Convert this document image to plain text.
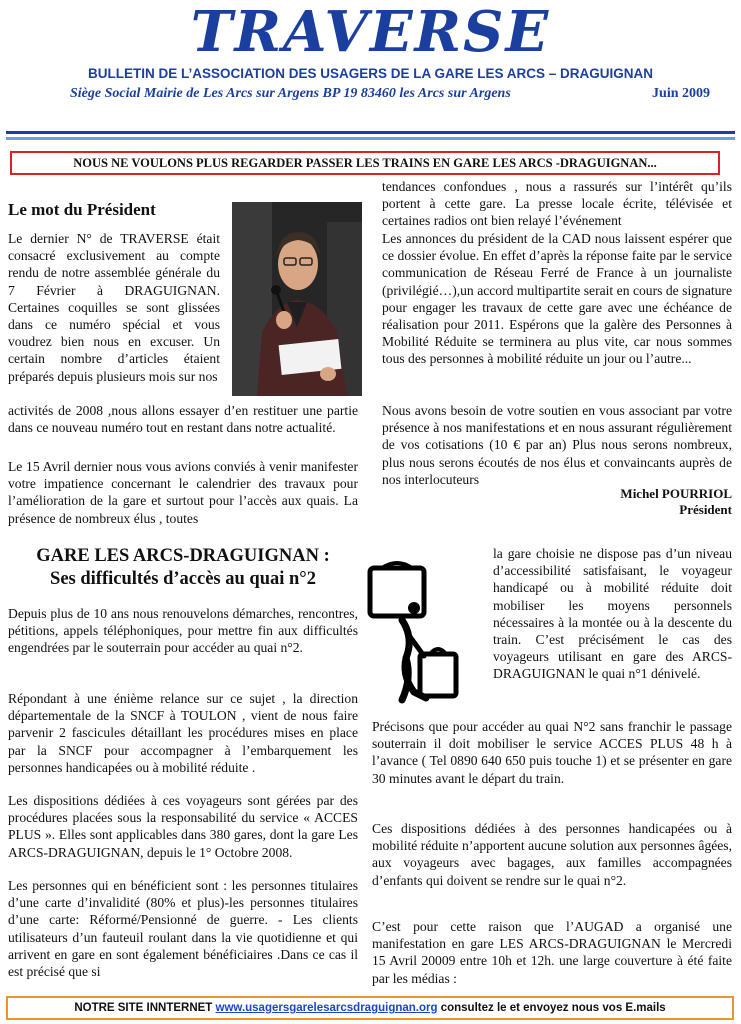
TRAVERSE
BULLETIN DE L’ASSOCIATION DES USAGERS DE LA GARE LES ARCS – DRAGUIGNAN
Siège Social Mairie de Les Arcs sur Argens BP 19 83460 les Arcs sur Argens	Juin 2009
NOUS NE VOULONS PLUS REGARDER PASSER LES TRAINS EN GARE LES ARCS -DRAGUIGNAN...
Le mot du Président
Le dernier N° de TRAVERSE était consacré exclusivement au compte rendu de notre assemblée générale du 7 Février à DRAGUIGNAN. Certaines coquilles se sont glissées dans ce numéro spécial et vous voudrez bien nous en excuser. Un certain nombre d’articles étaient préparés depuis plusieurs mois sur nos
activités de 2008 ,nous allons essayer d’en restituer une partie dans ce nouveau numéro tout en restant dans notre actualité.
Le 15 Avril dernier nous vous avions conviés à venir manifester votre impatience concernant le calendrier des travaux pour l’amélioration de la gare et surtout pour l’accès aux quais. La présence de nombreux élus , toutes
tendances confondues , nous a rassurés sur l’intérêt qu’ils portent à cette gare. La presse locale écrite, télévisée et certaines radios ont bien relayé l’événement
Les annonces du président de la CAD nous laissent espérer que ce dossier évolue. En effet d’après la réponse faite par le service communication de Réseau Ferré de France à un journaliste (privilégié…),un accord multipartite serait en cours de signature pour engager les travaux de cette gare avec une échéance de réalisation pour 2011. Espérons que la galère des Personnes à Mobilité Réduite se terminera au plus vite, car nous sommes tous des personnes à mobilité réduite un jour ou l’autre...
Nous avons besoin de votre soutien en vous associant par votre présence à nos manifestations et en nous assurant régulièrement de vos cotisations (10 € par an) Plus nous serons nombreux, plus nous serons écoutés de nos élus et convaincants auprès de nos interlocuteurs
Michel POURRIOL
Président
GARE LES ARCS-DRAGUIGNAN :
Ses difficultés d’accès au quai n°2
Depuis plus de 10 ans nous renouvelons démarches, rencontres, pétitions, appels téléphoniques, pour mettre fin aux difficultés engendrées par le souterrain pour accéder au quai n°2.
Répondant à une énième relance sur ce sujet , la direction départementale de la SNCF à TOULON , vient de nous faire parvenir 2 fascicules détaillant les procédures mises en place par la SNCF pour accompagner à l’embarquement les personnes handicapées ou à mobilité réduite .
Les dispositions dédiées à ces voyageurs sont gérées par des procédures placées sous la responsabilité du service « ACCES PLUS ». Elles sont applicables dans 380 gares, dont la gare Les ARCS-DRAGUIGNAN, depuis le 1° Octobre 2008.
Les personnes qui en bénéficient sont : les personnes titulaires d’une carte d’invalidité (80% et plus)-les personnes titulaires d’une carte: Réformé/Pensionné de guerre. - Les clients utilisateurs d’un fauteuil roulant dans la vie quotidienne et qui arrivent en gare en sont également bénéficiaires .Dans ce cas il est précisé que si
la gare choisie ne dispose pas d’un niveau d’accessibilité satisfaisant, le voyageur handicapé ou à mobilité réduite doit mobiliser les moyens personnels nécessaires à la montée ou à la descente du train. C’est précisément le cas des voyageurs utilisant en gare des ARCS-DRAGUIGNAN le quai n°1 dénivelé.
Précisons que pour accéder au quai N°2 sans franchir le passage souterrain il doit mobiliser le service ACCES PLUS 48 h à l’avance ( Tel 0890 640 650 puis touche 1) et se présenter en gare 30 minutes avant le départ du train.
Ces dispositions dédiées à des personnes handicapées ou à mobilité réduite n’apportent aucune solution aux personnes âgées, aux voyageurs avec bagages, aux familles accompagnées d’enfants qui doivent se rendre sur le quai n°2.
C’est pour cette raison que l’AUGAD a organisé une manifestation en gare LES ARCS-DRAGUIGNAN le Mercredi 15 Avril 20009 entre 10h et 12h. une large couverture à été faite par les médias :
NOTRE SITE INNTERNET www.usagersgarelesarcsdraguignan.org consultez le et envoyez nous vos E.mails
